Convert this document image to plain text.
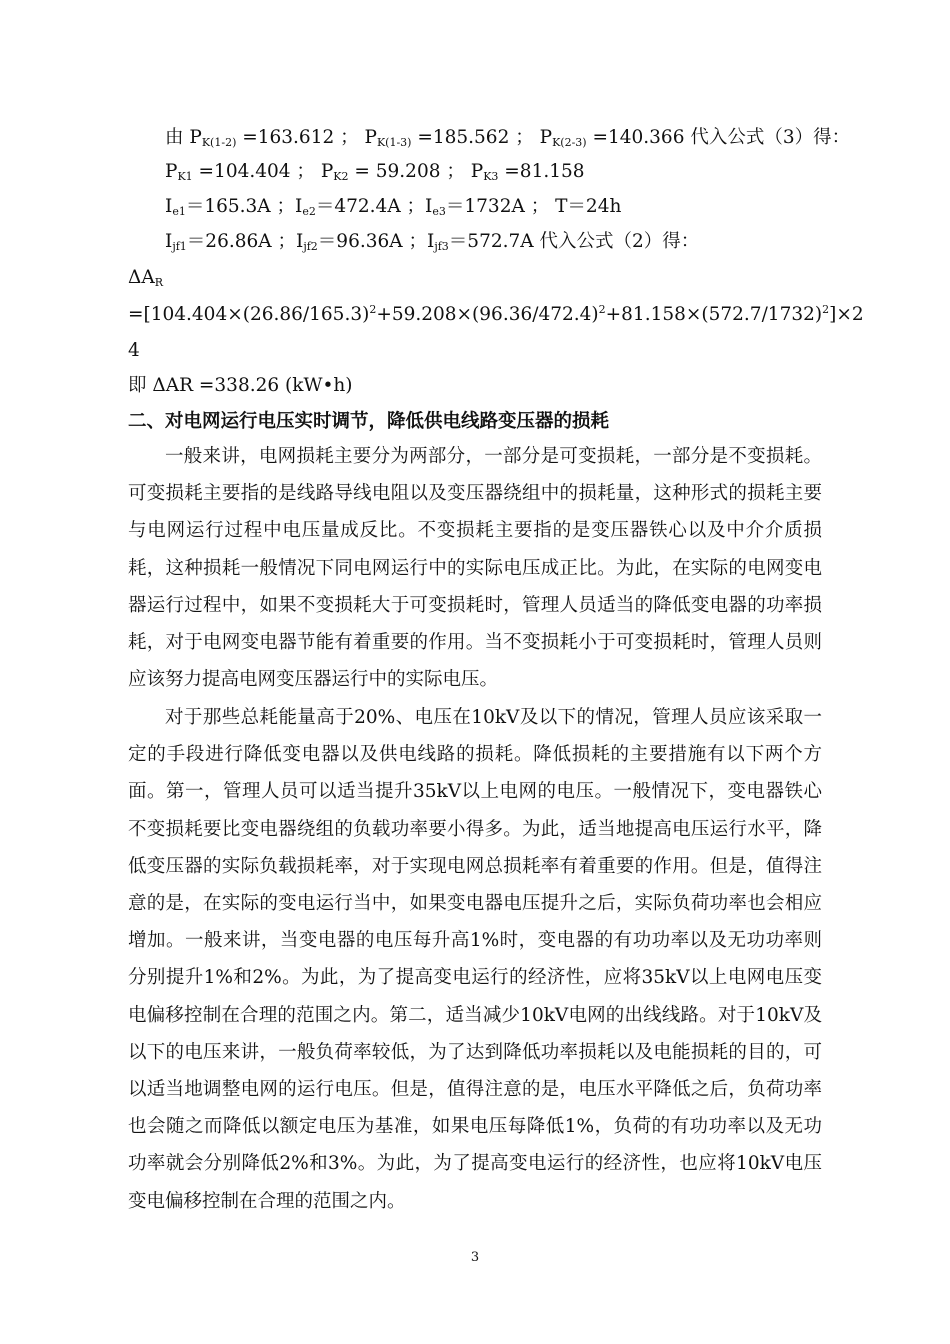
由 $P_{K(1-2)} =163.612$ ； $P_{K(1-3)} =185.562$ ； $P_{K(2-3)} =140.366$ 代入公式（3）得：
$P_{K1} =104.404$ ； $P_{K2} = 59.208$ ； $P_{K3} =81.158$
$I_{e1}=165.3A$ ；$I_{e2}=472.4A$ ；$I_{e3}=1732A$ ； T＝24h
$I_{jf1}=26.86A$ ；$I_{jf2}=96.36A$ ；$I_{jf3}=572.7A$ 代入公式（2）得：
$\Delta A_R$
$=[104.404\times(26.86/165.3)^2+59.208\times(96.36/472.4)^2+81.158\times(572.7/1732)^2]\times 2$
4
即 ΔAR =338.26 (kW•h)
二、对电网运行电压实时调节，降低供电线路变压器的损耗

一般来讲，电网损耗主要分为两部分，一部分是可变损耗，一部分是不变损耗。可变损耗主要指的是线路导线电阻以及变压器绕组中的损耗量，这种形式的损耗主要与电网运行过程中电压量成反比。不变损耗主要指的是变压器铁心以及中介介质损耗，这种损耗一般情况下同电网运行中的实际电压成正比。为此，在实际的电网变电器运行过程中，如果不变损耗大于可变损耗时，管理人员适当的降低变电器的功率损耗，对于电网变电器节能有着重要的作用。当不变损耗小于可变损耗时，管理人员则应该努力提高电网变压器运行中的实际电压。

对于那些总耗能量高于20%、电压在10kV及以下的情况，管理人员应该采取一定的手段进行降低变电器以及供电线路的损耗。降低损耗的主要措施有以下两个方面。第一，管理人员可以适当提升35kV以上电网的电压。一般情况下，变电器铁心不变损耗要比变电器绕组的负载功率要小得多。为此，适当地提高电压运行水平，降低变压器的实际负载损耗率，对于实现电网总损耗率有着重要的作用。但是，值得注意的是，在实际的变电运行当中，如果变电器电压提升之后，实际负荷功率也会相应增加。一般来讲，当变电器的电压每升高1%时，变电器的有功功率以及无功功率则分别提升1%和2%。为此，为了提高变电运行的经济性，应将35kV以上电网电压变电偏移控制在合理的范围之内。第二，适当减少10kV电网的出线线路。对于10kV及以下的电压来讲，一般负荷率较低，为了达到降低功率损耗以及电能损耗的目的，可以适当地调整电网的运行电压。但是，值得注意的是，电压水平降低之后，负荷功率也会随之而降低以额定电压为基准，如果电压每降低1%，负荷的有功功率以及无功功率就会分别降低2%和3%。为此，为了提高变电运行的经济性，也应将10kV电压变电偏移控制在合理的范围之内。

3
